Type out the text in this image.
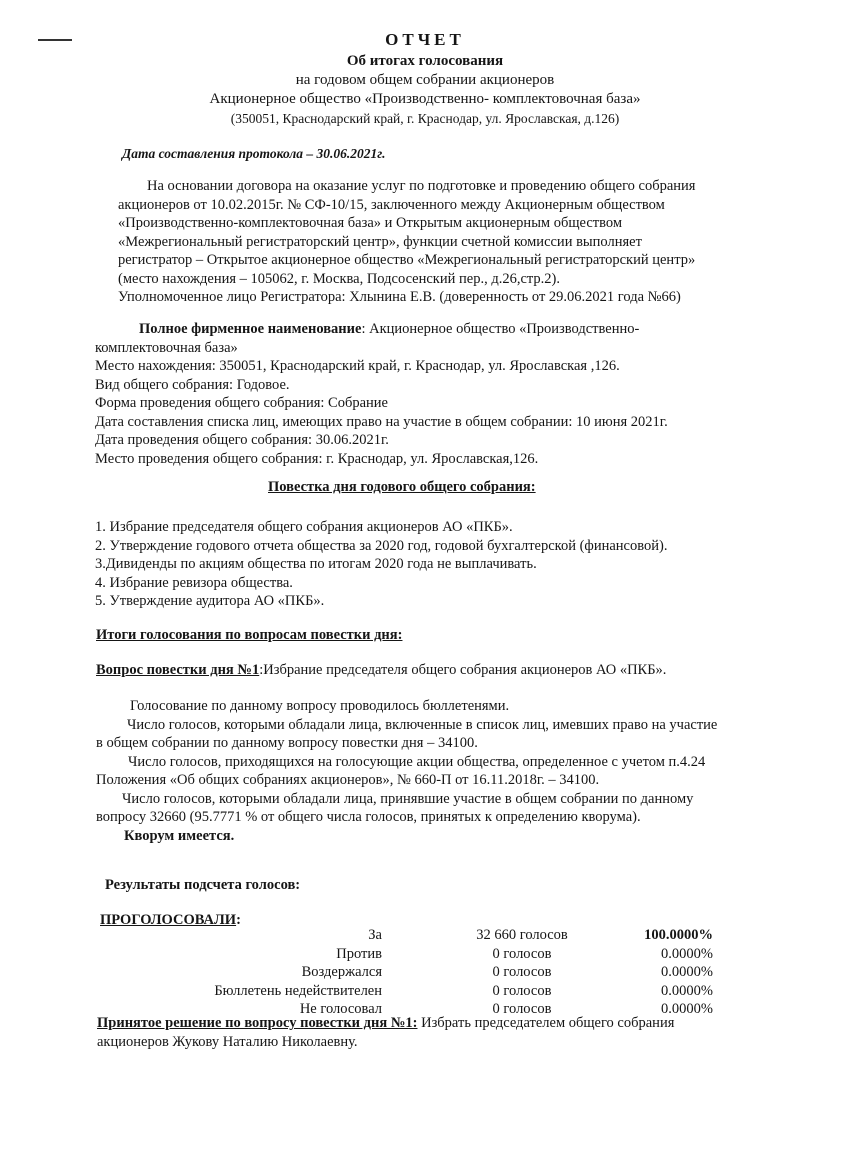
ОТЧЕТ
Об итогах голосования
на годовом общем собрании акционеров
Акционерное общество «Производственно- комплектовочная база»
(350051, Краснодарский край, г. Краснодар, ул. Ярославская, д.126)
Дата составления протокола – 30.06.2021г.
На основании договора на оказание услуг по подготовке и проведению общего собрания
акционеров от 10.02.2015г. № СФ-10/15, заключенного между Акционерным обществом
«Производственно-комплектовочная база» и Открытым акционерным обществом
«Межрегиональный регистраторский центр», функции счетной комиссии выполняет
регистратор – Открытое акционерное общество «Межрегиональный регистраторский центр»
(место нахождения – 105062, г. Москва, Подсосенский пер., д.26,стр.2).
Уполномоченное лицо Регистратора: Хлынина Е.В. (доверенность от 29.06.2021 года №66)
Полное фирменное наименование: Акционерное общество «Производственно-
комплектовочная база»
Место нахождения: 350051, Краснодарский край, г. Краснодар, ул. Ярославская ,126.
Вид общего собрания: Годовое.
Форма проведения общего собрания: Собрание
Дата составления списка лиц, имеющих право на участие в общем собрании: 10 июня 2021г.
Дата проведения общего собрания: 30.06.2021г.
Место проведения общего собрания: г. Краснодар, ул. Ярославская,126.
Повестка дня годового общего собрания:
1. Избрание председателя общего собрания акционеров АО «ПКБ».
2. Утверждение годового отчета общества за 2020 год, годовой бухгалтерской (финансовой).
3.Дивиденды по акциям общества по итогам 2020 года не выплачивать.
4. Избрание ревизора общества.
5. Утверждение аудитора АО «ПКБ».
Итоги голосования по вопросам повестки дня:
Вопрос повестки дня №1:Избрание председателя общего собрания акционеров АО «ПКБ».
Голосование по данному вопросу проводилось бюллетенями.
Число голосов, которыми обладали лица, включенные в список лиц, имевших право на участие
в общем собрании по данному вопросу повестки дня – 34100.
Число голосов, приходящихся на голосующие акции общества, определенное с учетом п.4.24
Положения «Об общих собраниях акционеров», № 660-П от 16.11.2018г. – 34100.
Число голосов, которыми обладали лица, принявшие участие в общем собрании по данному
вопросу 32660 (95.7771 % от общего числа голосов, принятых к определению кворума).
Кворум имеется.
Результаты подсчета голосов:
ПРОГОЛОСОВАЛИ:
За	32 660 голосов	100.0000%
Против	0 голосов	0.0000%
Воздержался	0 голосов	0.0000%
Бюллетень недействителен	0 голосов	0.0000%
Не голосовал	0 голосов	0.0000%
Принятое решение по вопросу повестки дня №1: Избрать председателем общего собрания
акционеров Жукову Наталию Николаевну.
